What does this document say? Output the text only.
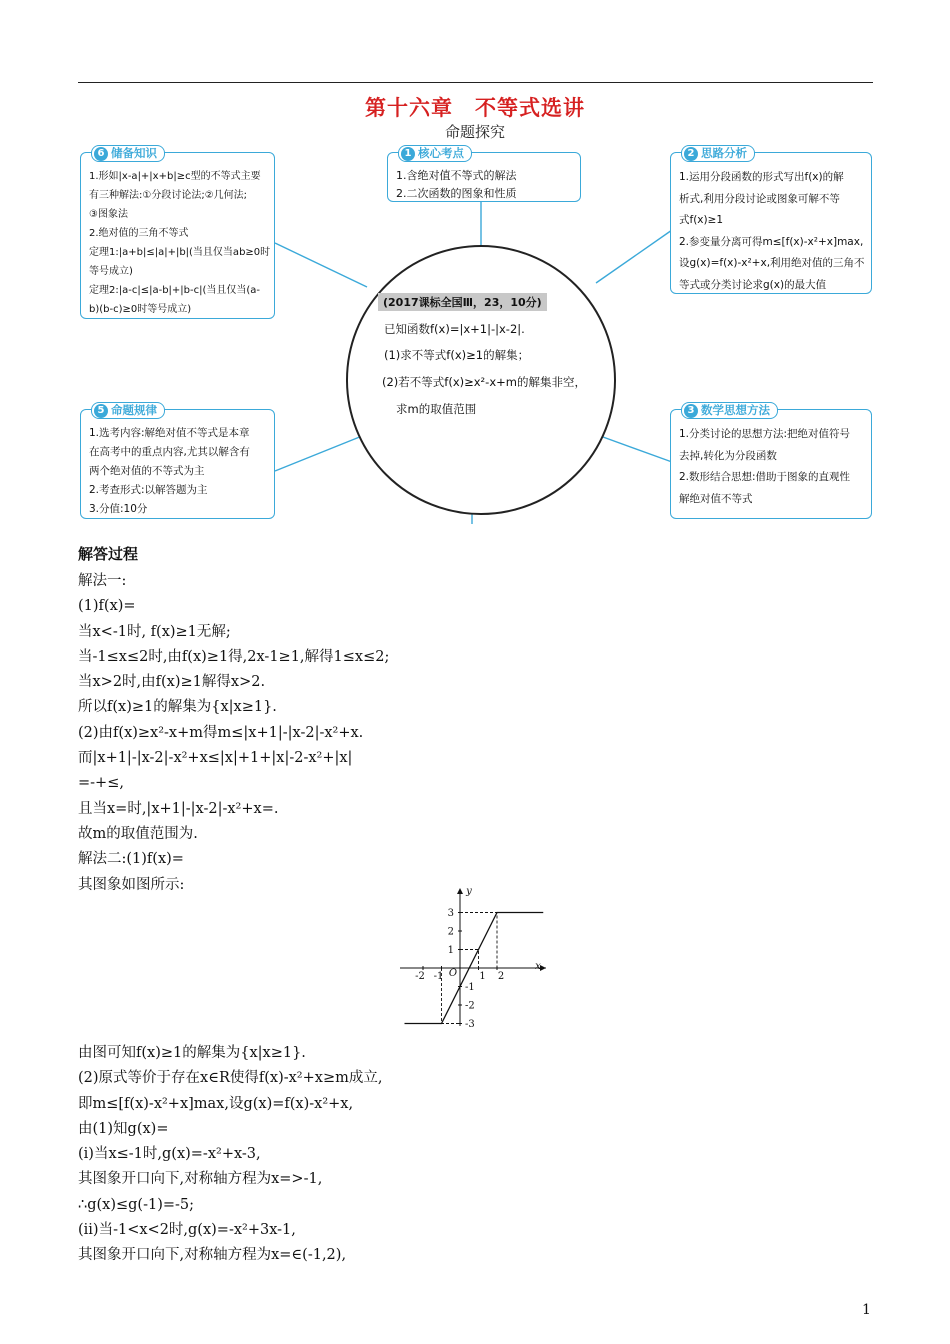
第十六章　不等式选讲
命题探究
1 核心考点
1.含绝对值不等式的解法
2.二次函数的图象和性质
2 思路分析
1.运用分段函数的形式写出f(x)的解
析式,利用分段讨论或图象可解不等
式f(x)≥1
2.参变量分离可得m≤[f(x)-x²+x]max,
设g(x)=f(x)-x²+x,利用绝对值的三角不
等式或分类讨论求g(x)的最大值
3 数学思想方法
1.分类讨论的思想方法:把绝对值符号
去掉,转化为分段函数
2.数形结合思想:借助于图象的直观性
解绝对值不等式
6 储备知识
1.形如|x-a|+|x+b|≥c型的不等式主要
有三种解法:①分段讨论法;②几何法;
③图象法
2.绝对值的三角不等式
定理1:|a+b|≤|a|+|b|(当且仅当ab≥0时
等号成立)
定理2:|a-c|≤|a-b|+|b-c|(当且仅当(a-
b)(b-c)≥0时等号成立)
5 命题规律
1.选考内容:解绝对值不等式是本章
在高考中的重点内容,尤其以解含有
两个绝对值的不等式为主
2.考查形式:以解答题为主
3.分值:10分
(2017课标全国Ⅲ，23，10分)
已知函数f(x)=|x+1|-|x-2|.
(1)求不等式f(x)≥1的解集；
(2)若不等式f(x)≥x²-x+m的解集非空，
求m的取值范围
解答过程
解法一:
(1)f(x)=
当x<-1时, f(x)≥1无解;
当-1≤x≤2时,由f(x)≥1得,2x-1≥1,解得1≤x≤2;
当x>2时,由f(x)≥1解得x>2.
所以f(x)≥1的解集为{x|x≥1}.
(2)由f(x)≥x²-x+m得m≤|x+1|-|x-2|-x²+x.
而|x+1|-|x-2|-x²+x≤|x|+1+|x|-2-x²+|x|
=-+≤,
且当x=时,|x+1|-|x-2|-x²+x=.
故m的取值范围为.
解法二:(1)f(x)=
其图象如图所示:
x
y
O
-2 -1	1 2
3
2
1
-1
-2
-3
由图可知f(x)≥1的解集为{x|x≥1}.
(2)原式等价于存在x∈R使得f(x)-x²+x≥m成立,
即m≤[f(x)-x²+x]max,设g(x)=f(x)-x²+x,
由(1)知g(x)=
(i)当x≤-1时,g(x)=-x²+x-3,
其图象开口向下,对称轴方程为x=>-1,
∴g(x)≤g(-1)=-5;
(ii)当-1<x<2时,g(x)=-x²+3x-1,
其图象开口向下,对称轴方程为x=∈(-1,2),
1
